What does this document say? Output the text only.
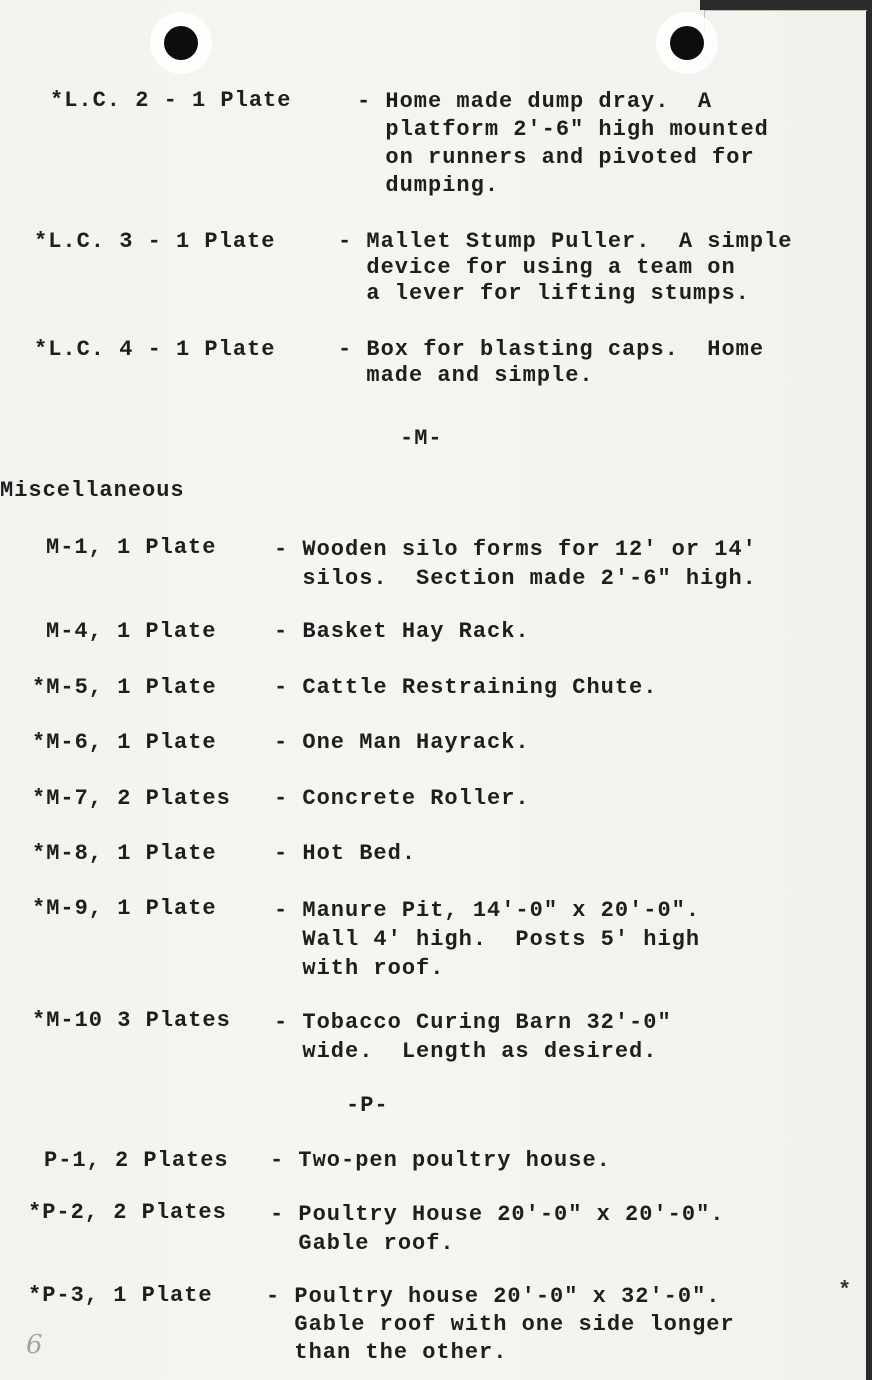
*L.C. 2 - 1 Plate	- Home made dump dray.  A
platform 2'-6" high mounted
on runners and pivoted for
dumping.
*L.C. 3 - 1 Plate	- Mallet Stump Puller.  A simple
device for using a team on
a lever for lifting stumps.
*L.C. 4 - 1 Plate	- Box for blasting caps.  Home
made and simple.
-M-
Miscellaneous
M-1, 1 Plate	- Wooden silo forms for 12' or 14'
silos.  Section made 2'-6" high.
M-4, 1 Plate	- Basket Hay Rack.
*M-5, 1 Plate	- Cattle Restraining Chute.
*M-6, 1 Plate	- One Man Hayrack.
*M-7, 2 Plates - Concrete Roller.
*M-8, 1 Plate	- Hot Bed.
*M-9, 1 Plate	- Manure Pit, 14'-0" x 20'-0".
Wall 4' high.  Posts 5' high
with roof.
*M-10 3 Plates - Tobacco Curing Barn 32'-0"
wide.  Length as desired.
-P-
P-1, 2 Plates - Two-pen poultry house.
*P-2, 2 Plates - Poultry House 20'-0" x 20'-0".
Gable roof.
*P-3, 1 Plate - Poultry house 20'-0" x 32'-0".
Gable roof with one side longer
than the other.
*
6
